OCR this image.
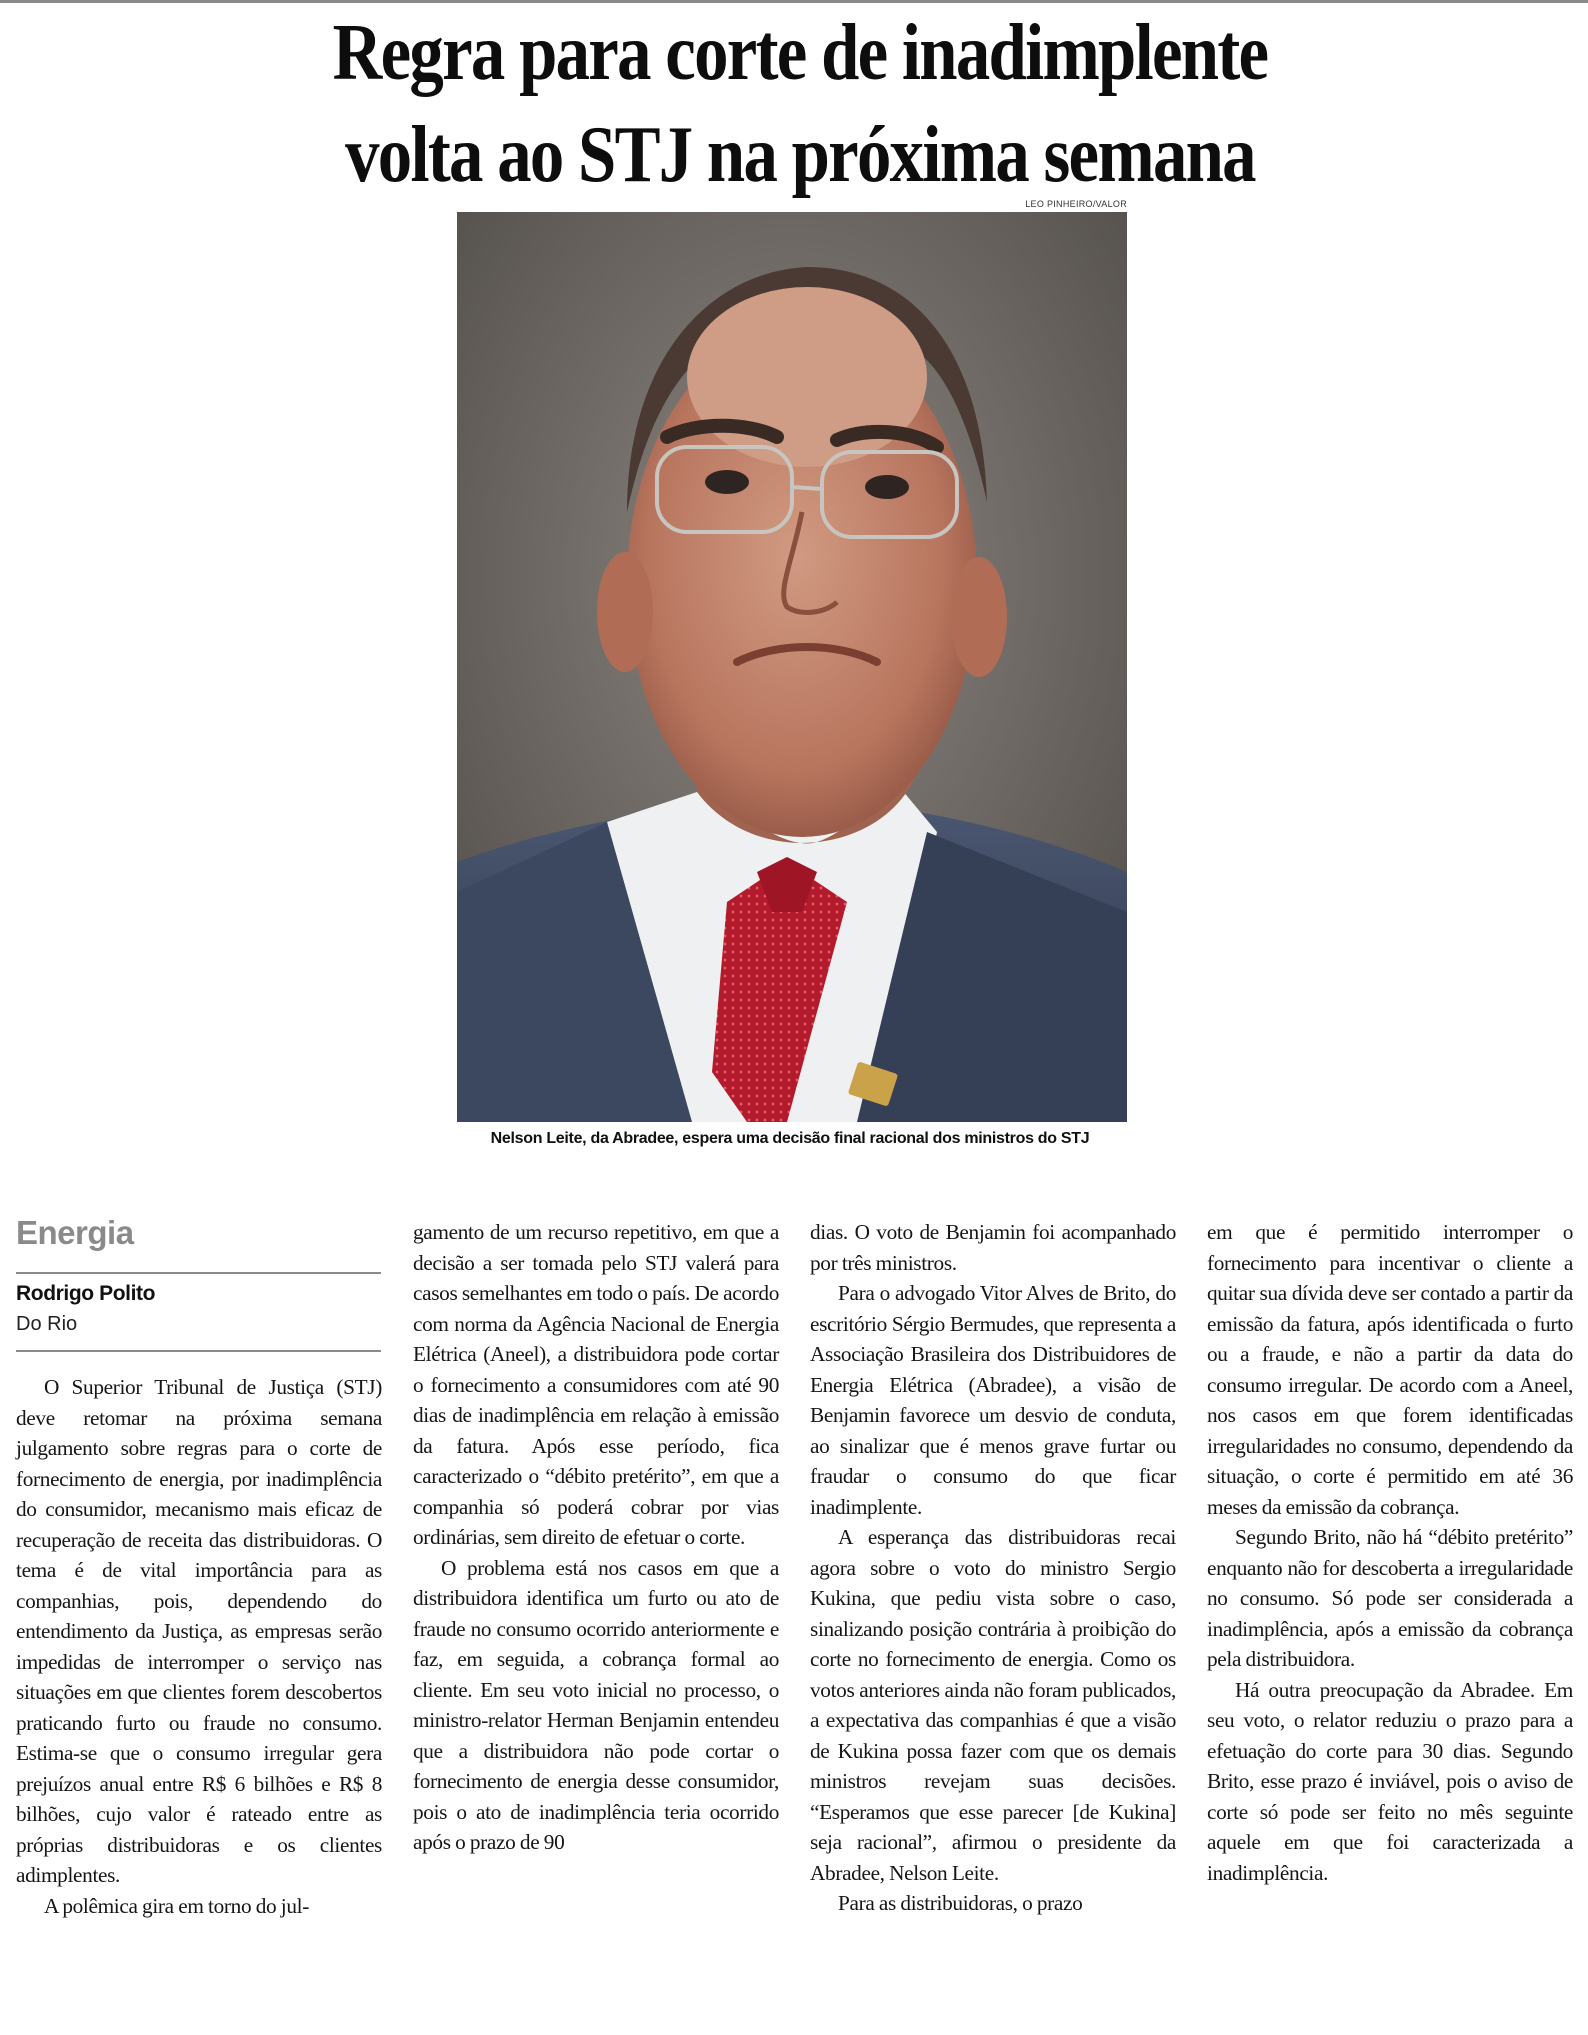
Regra para corte de inadimplente
volta ao STJ na próxima semana
LEO PINHEIRO/VALOR
Nelson Leite, da Abradee, espera uma decisão final racional dos ministros do STJ
Energia
Rodrigo Polito
Do Rio

O Superior Tribunal de Justiça (STJ) deve retomar na próxima semana julgamento sobre regras para o corte de fornecimento de energia, por inadimplência do consumidor, mecanismo mais eficaz de recuperação de receita das distribuidoras. O tema é de vital importância para as companhias, pois, dependendo do entendimento da Justiça, as empresas serão impedidas de interromper o serviço nas situações em que clientes forem descobertos praticando furto ou fraude no consumo. Estima-se que o consumo irregular gera prejuízos anual entre R$ 6 bilhões e R$ 8 bilhões, cujo valor é rateado entre as próprias distribuidoras e os clientes adimplentes.

A polêmica gira em torno do jul-

gamento de um recurso repetitivo, em que a decisão a ser tomada pelo STJ valerá para casos semelhantes em todo o país. De acordo com norma da Agência Nacional de Energia Elétrica (Aneel), a distribuidora pode cortar o fornecimento a consumidores com até 90 dias de inadimplência em relação à emissão da fatura. Após esse período, fica caracterizado o “débito pretérito”, em que a companhia só poderá cobrar por vias ordinárias, sem direito de efetuar o corte.

O problema está nos casos em que a distribuidora identifica um furto ou ato de fraude no consumo ocorrido anteriormente e faz, em seguida, a cobrança formal ao cliente. Em seu voto inicial no processo, o ministro-relator Herman Benjamin entendeu que a distribuidora não pode cortar o fornecimento de energia desse consumidor, pois o ato de inadimplência teria ocorrido após o prazo de 90

dias. O voto de Benjamin foi acompanhado por três ministros.

Para o advogado Vitor Alves de Brito, do escritório Sérgio Bermudes, que representa a Associação Brasileira dos Distribuidores de Energia Elétrica (Abradee), a visão de Benjamin favorece um desvio de conduta, ao sinalizar que é menos grave furtar ou fraudar o consumo do que ficar inadimplente.

A esperança das distribuidoras recai agora sobre o voto do ministro Sergio Kukina, que pediu vista sobre o caso, sinalizando posição contrária à proibição do corte no fornecimento de energia. Como os votos anteriores ainda não foram publicados, a expectativa das companhias é que a visão de Kukina possa fazer com que os demais ministros revejam suas decisões. “Esperamos que esse parecer [de Kukina] seja racional”, afirmou o presidente da Abradee, Nelson Leite.

Para as distribuidoras, o prazo

em que é permitido interromper o fornecimento para incentivar o cliente a quitar sua dívida deve ser contado a partir da emissão da fatura, após identificada o furto ou a fraude, e não a partir da data do consumo irregular. De acordo com a Aneel, nos casos em que forem identificadas irregularidades no consumo, dependendo da situação, o corte é permitido em até 36 meses da emissão da cobrança.

Segundo Brito, não há “débito pretérito” enquanto não for descoberta a irregularidade no consumo. Só pode ser considerada a inadimplência, após a emissão da cobrança pela distribuidora.

Há outra preocupação da Abradee. Em seu voto, o relator reduziu o prazo para a efetuação do corte para 30 dias. Segundo Brito, esse prazo é inviável, pois o aviso de corte só pode ser feito no mês seguinte aquele em que foi caracterizada a inadimplência.
